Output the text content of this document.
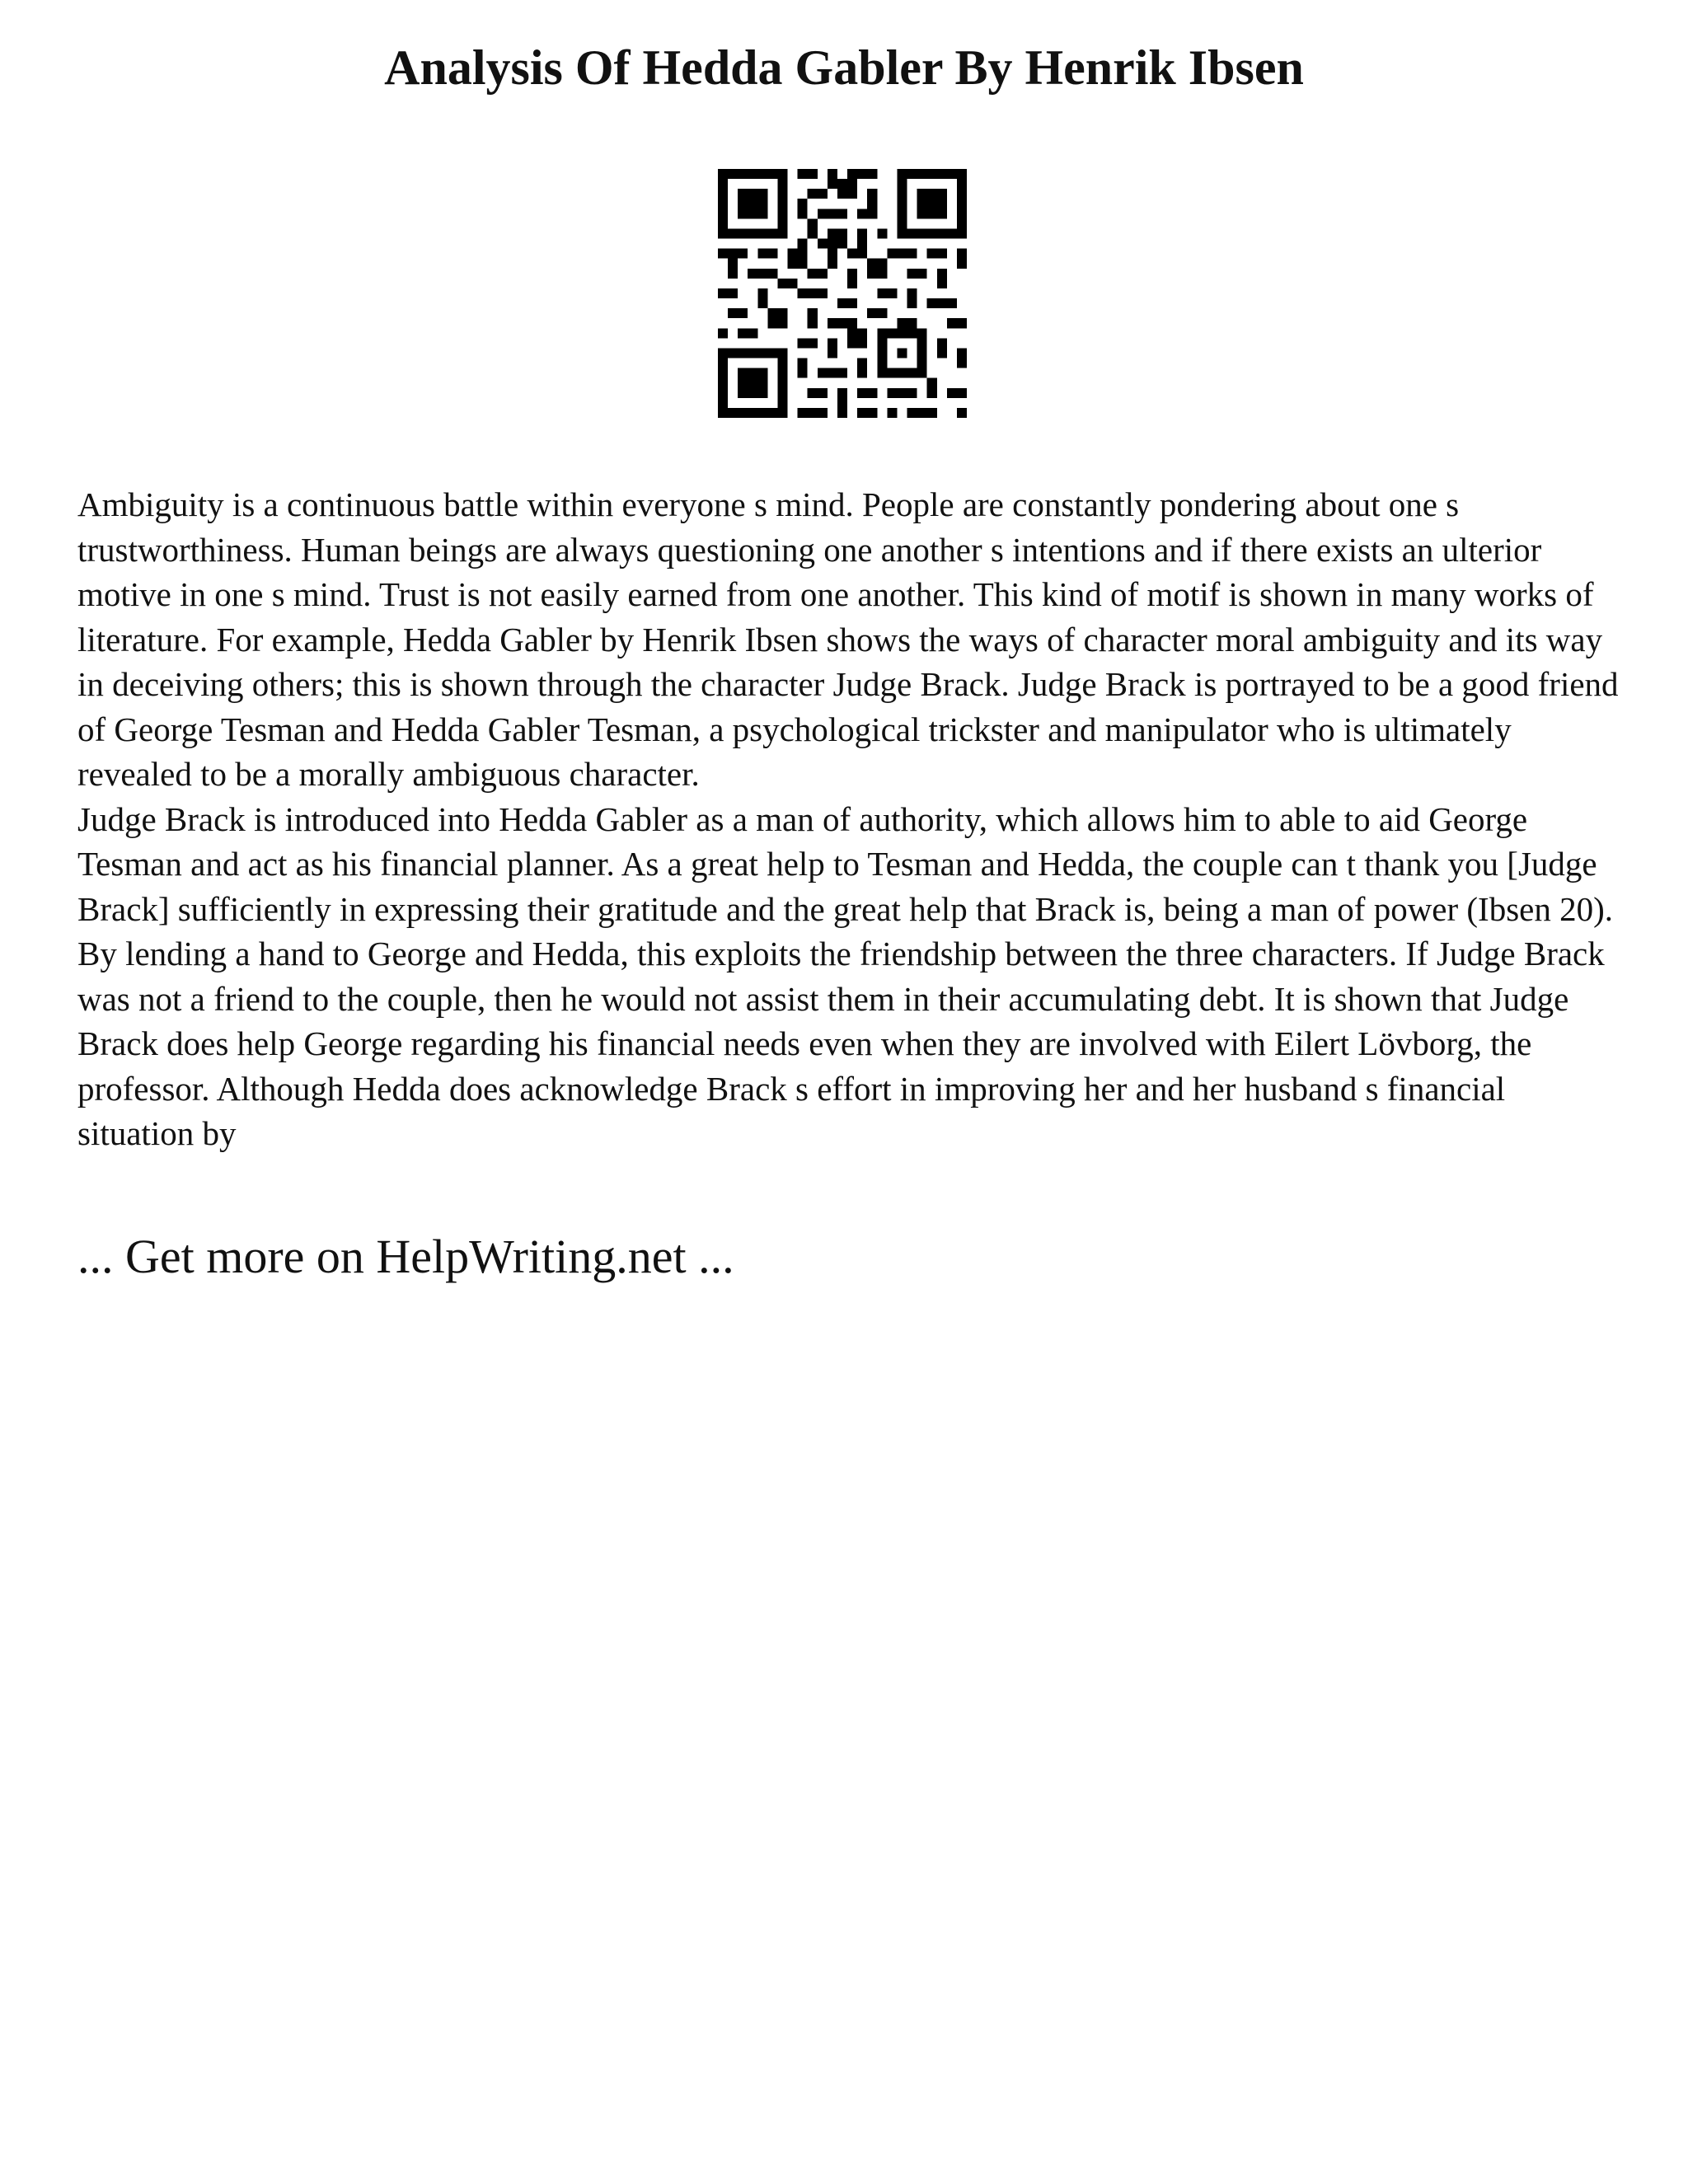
Analysis Of Hedda Gabler By Henrik Ibsen

Ambiguity is a continuous battle within everyone s mind. People are constantly pondering about one s trustworthiness. Human beings are always questioning one another s intentions and if there exists an ulterior motive in one s mind. Trust is not easily earned from one another. This kind of motif is shown in many works of literature. For example, Hedda Gabler by Henrik Ibsen shows the ways of character moral ambiguity and its way in deceiving others; this is shown through the character Judge Brack. Judge Brack is portrayed to be a good friend of George Tesman and Hedda Gabler Tesman, a psychological trickster and manipulator who is ultimately revealed to be a morally ambiguous character.

Judge Brack is introduced into Hedda Gabler as a man of authority, which allows him to able to aid George Tesman and act as his financial planner. As a great help to Tesman and Hedda, the couple can t thank you [Judge Brack] sufficiently in expressing their gratitude and the great help that Brack is, being a man of power (Ibsen 20). By lending a hand to George and Hedda, this exploits the friendship between the three characters. If Judge Brack was not a friend to the couple, then he would not assist them in their accumulating debt. It is shown that Judge Brack does help George regarding his financial needs even when they are involved with Eilert Lövborg, the professor. Although Hedda does acknowledge Brack s effort in improving her and her husband s financial situation by

... Get more on HelpWriting.net ...
